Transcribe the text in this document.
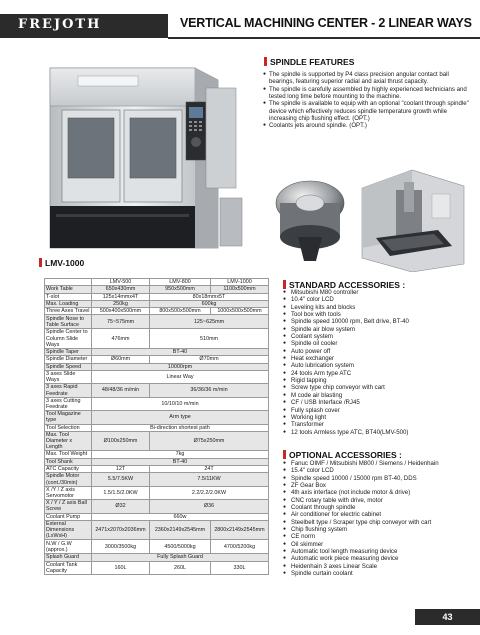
FREJOTH	VERTICAL MACHINING CENTER - 2 LINEAR WAYS
SPINDLE FEATURES
● The spindle is supported by P4 class precision angular contact ball bearings, featuring superior radial and axial thrust capacity.
● The spindle is carefully assembled by highly experienced technicians and tested long time before mounting to the machine.
● The spindle is available to equip with an optional "coolant through spindle" device which effectively reduces spindle temperature growth while increasing chip flushing effect. (OPT.)
● Coolants jets around spindle. (OPT.)
LMV-1000
	LMV-500	LMV-800	LMV-1000
Work Table	650x430mm	950x500mm	1100x500mm
T-slot	125x14mmx4T	80x18mmx5T	
Max. Loading	250kg	600kg	
Three Axes Travel	500x400x500mm	800x500x500mm	1000x500x500mm
Spindle Nose to Table Surface	75~575mm	125~625mm	
Spindle Center to Column Slide Ways	476mm	510mm	
Spindle Taper	BT-40		
Spindle Diameter	Ø60mm	Ø70mm	
Spindle Speed	10000rpm		
3 axes Slide Ways	Linear Way		
3 axes Rapid Feedrate	48/48/36 m/min	36/36/36 m/min	
3 axes Cutting Feedrate	10/10/10 m/min		
Tool Magazine type	Arm type		
Tool Selection	Bi-direction shortest path		
Max. Tool Diameter x Length	Ø100x250mm	Ø75x250mm	
Max. Tool Weight	7kg		
Tool Shank	BT-40		
ATC Capacity	12T	24T	
Spindle Motor (cont./30min)	5.5/7.5KW	7.5/11KW	
X /Y / Z axis Servomotor	1.5/1.5/2.0KW	2.2/2.2/2.0KW	
X / Y / Z axis Ball Screw	Ø32	Ø36	
Coolant Pump	660w		
External Dimensions (LxWxH)	2471x2070x2036mm	2360x2149x2545mm	2800x2149x2545mm
N.W / G.W (approx.)	3000/3500kg	4500/5000kg	4700/5200kg
Splash Guard	Fully Splash Guard		
Coolant Tank Capacity	160L	260L	330L
STANDARD ACCESSORIES :
● Mitsubishi M80 controller
● 10.4" color LCD
● Leveling kits and blocks
● Tool box with tools
● Spindle speed 10000 rpm, Belt drive, BT-40
● Spindle air blow system
● Coolant system
● Spindle oil cooler
● Auto power off
● Heat exchanger
● Auto lubrication system
● 24 tools Arm type ATC
● Rigid tapping
● Screw type chip conveyor with cart
● M code air blasting
● CF / USB Interface /RJ45
● Fully splash cover
● Working light
● Transformer
● 12 tools Armless type ATC, BT40(LMV-500)
OPTIONAL ACCESSORIES :
● Fanuc OIMF / Mitsubishi M800 / Siemens / Heidenhain
● 15.4" color LCD
● Spindle speed 10000 / 15000 rpm BT-40, DDS
● ZF Gear Box
● 4th axis interface (not include motor & drive)
● CNC rotary table with drive, motor
● Coolant through spindle
● Air conditioner for electric cabinet
● Steelbelt type / Scraper type chip conveyor with cart
● Chip flushing system
● CE norm
● Oil skimmer
● Automatic tool length measuring device
● Automatic work piece measuring device
● Heidenhain 3 axes Linear Scale
● Spindle curtain coolant
43
